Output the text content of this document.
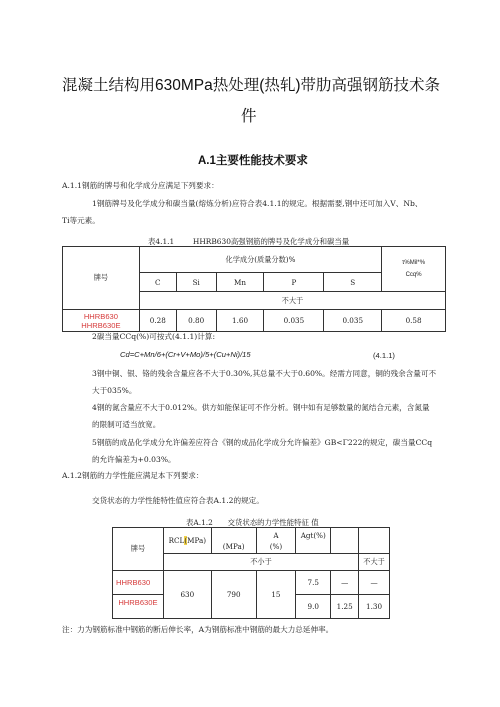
混凝土结构用630MPa热处理(热轧)带肋高强钢筋技术条
件
A.1主要性能技术要求
A.1.1钢筋的牌号和化学成分应满足下列要求：
1钢筋牌号及化学成分和碳当量(熔炼分析)应符合表4.1.1的规定。根据需要,钢中还可加入V、Nb、
Ti等元素。
表4.1.1	HHRB630高强钢筋的牌号及化学成分和碳当量
牌号	化学成分(质量分数)%					τ%Mil*%
Ccq%

	C	Si	Mn	P	S	
	不大于					

HHRB630
HHRB630E	0.28	0.80	1.60	0.035	0.035	0.58
2碳当量CCq(%)可按式(4.1.1)计算:
Cd=C+Mn/6+(Cr+V+Mo)/5+(Cu+Ni)/15	(4.1.1)
3钢中铜、银、铬的残余含量应各不大于0.30%,其总量不大于0.60%。经需方同意，铜的残余含量可不
大于035%。
4钢的氮含量应不大于0.012%。供方如能保证可不作分析。钢中如有足够数量的氮结合元素，含氮量
的限制可适当放宽。
5钢筋的成品化学成分允许偏差应符合《钢的成品化学成分允许偏差》GB<Γ222的规定，碳当量CCq
的允许偏差为+0.03%。
A.1.2钢筋的力学性能应满足本下列要求：
交货状态的力学性能特性值应符合表A.1.2的规定。
表A.1.2 交货状态的力学性能特征 值
牌号	RCL(MPa)	(MPa)	A
(%)	Agt(%)		
	不小于					不大于
HHRB630	630	790	15	7.5	—	—
HHRB630E				9.0	1.25	1.30
注：力为钢筋标准中钢筋的断后伸长率，A为钢筋标准中钢筋的最大力总延伸率。
